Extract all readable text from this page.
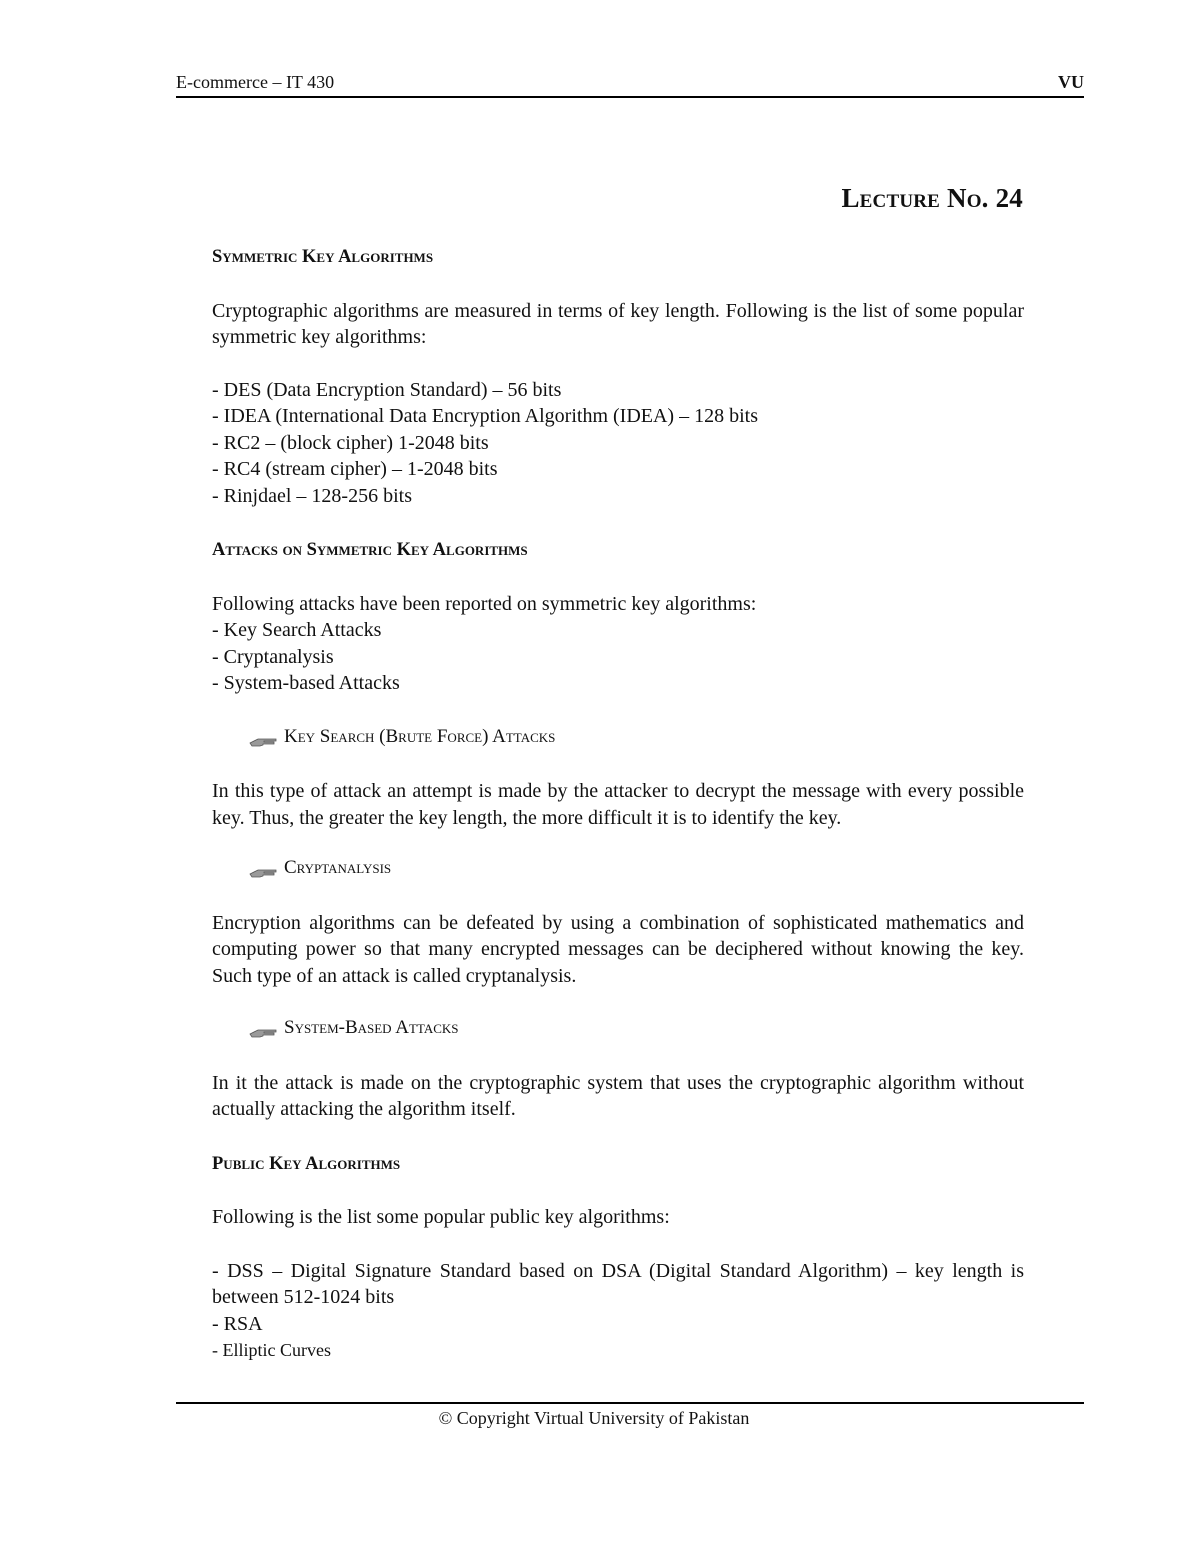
E-commerce – IT 430	VU
Lecture No. 24

Symmetric Key Algorithms

Cryptographic algorithms are measured in terms of key length. Following is the list of some popular symmetric key algorithms:

- DES (Data Encryption Standard) – 56 bits
- IDEA (International Data Encryption Algorithm (IDEA) – 128 bits
- RC2 – (block cipher) 1-2048 bits
- RC4 (stream cipher) – 1-2048 bits
- Rinjdael – 128-256 bits

Attacks on Symmetric Key Algorithms

Following attacks have been reported on symmetric key algorithms:

- Key Search Attacks
- Cryptanalysis
- System-based Attacks
Key Search (Brute Force) Attacks

In this type of attack an attempt is made by the attacker to decrypt the message with every possible key. Thus, the greater the key length, the more difficult it is to identify the key.

Cryptanalysis

Encryption algorithms can be defeated by using a combination of sophisticated mathematics and computing power so that many encrypted messages can be deciphered without knowing the key. Such type of an attack is called cryptanalysis.

System-Based Attacks

In it the attack is made on the cryptographic system that uses the cryptographic algorithm without actually attacking the algorithm itself.

Public Key Algorithms

Following is the list some popular public key algorithms:

- DSS – Digital Signature Standard based on DSA (Digital Standard Algorithm) – key length is between 512-1024 bits
- RSA
- Elliptic Curves
© Copyright Virtual University of Pakistan
